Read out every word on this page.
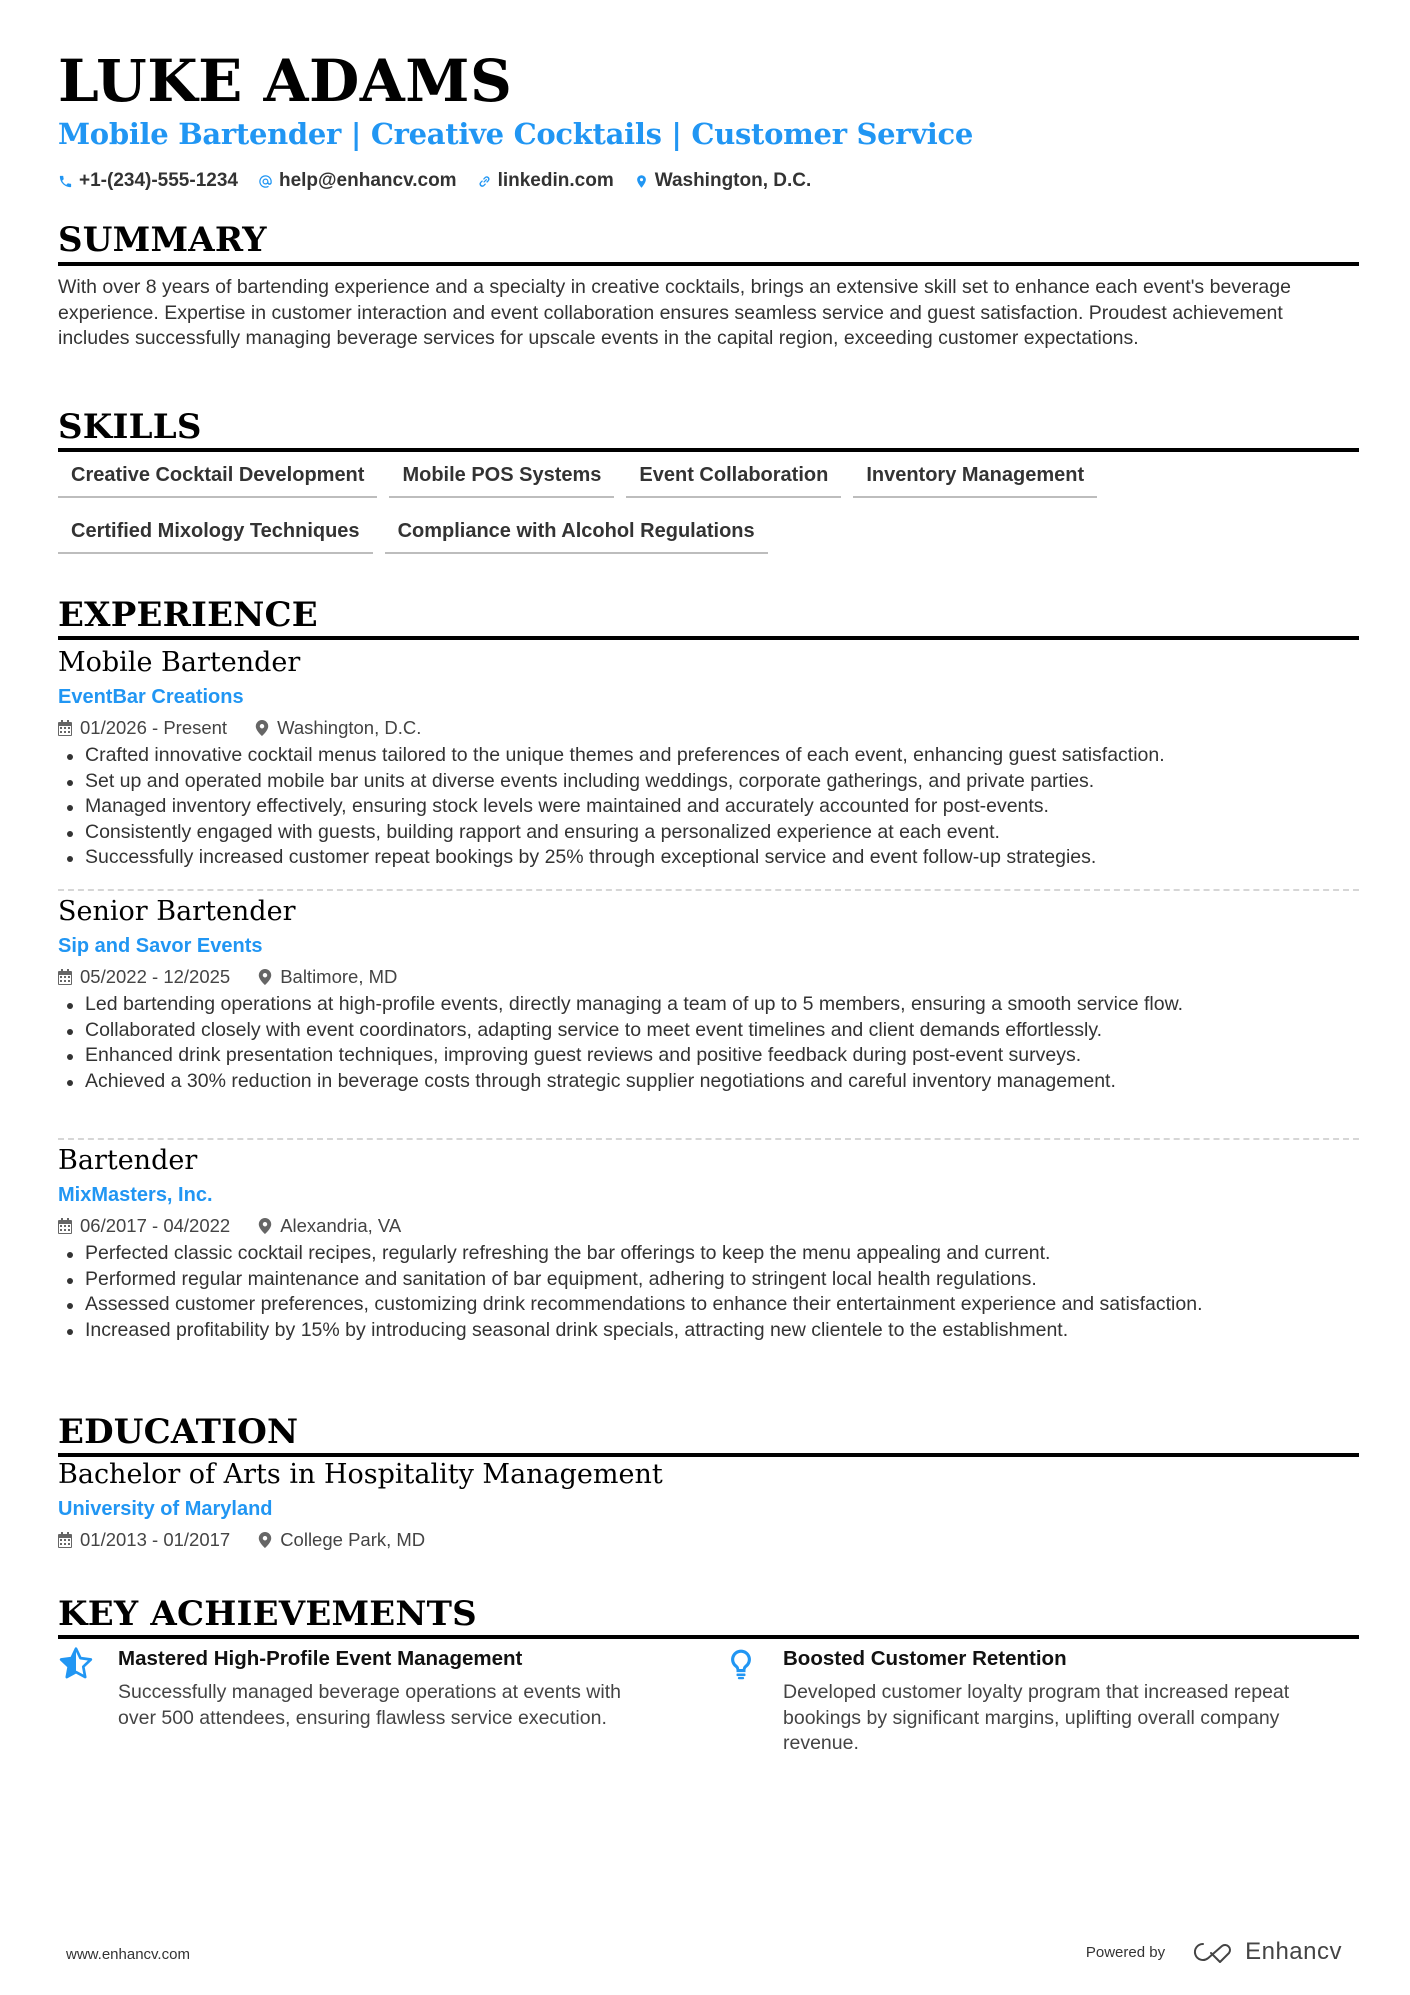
LUKE ADAMS
Mobile Bartender | Creative Cocktails | Customer Service
+1-(234)-555-1234 help@enhancv.com linkedin.com Washington, D.C.
SUMMARY
With over 8 years of bartending experience and a specialty in creative cocktails, brings an extensive skill set to enhance each event's beverage experience. Expertise in customer interaction and event collaboration ensures seamless service and guest satisfaction. Proudest achievement includes successfully managing beverage services for upscale events in the capital region, exceeding customer expectations.
SKILLS
Creative Cocktail Development	Mobile POS Systems	Event Collaboration	Inventory Management
Certified Mixology Techniques	Compliance with Alcohol Regulations
EXPERIENCE
Mobile Bartender
EventBar Creations
01/2026 - Present	Washington, D.C.
Crafted innovative cocktail menus tailored to the unique themes and preferences of each event, enhancing guest satisfaction.
Set up and operated mobile bar units at diverse events including weddings, corporate gatherings, and private parties.
Managed inventory effectively, ensuring stock levels were maintained and accurately accounted for post-events.
Consistently engaged with guests, building rapport and ensuring a personalized experience at each event.
Successfully increased customer repeat bookings by 25% through exceptional service and event follow-up strategies.
Senior Bartender
Sip and Savor Events
05/2022 - 12/2025	Baltimore, MD
Led bartending operations at high-profile events, directly managing a team of up to 5 members, ensuring a smooth service flow.
Collaborated closely with event coordinators, adapting service to meet event timelines and client demands effortlessly.
Enhanced drink presentation techniques, improving guest reviews and positive feedback during post-event surveys.
Achieved a 30% reduction in beverage costs through strategic supplier negotiations and careful inventory management.
Bartender
MixMasters, Inc.
06/2017 - 04/2022	Alexandria, VA
Perfected classic cocktail recipes, regularly refreshing the bar offerings to keep the menu appealing and current.
Performed regular maintenance and sanitation of bar equipment, adhering to stringent local health regulations.
Assessed customer preferences, customizing drink recommendations to enhance their entertainment experience and satisfaction.
Increased profitability by 15% by introducing seasonal drink specials, attracting new clientele to the establishment.
EDUCATION
Bachelor of Arts in Hospitality Management
University of Maryland
01/2013 - 01/2017	College Park, MD
KEY ACHIEVEMENTS
Mastered High-Profile Event Management
Successfully managed beverage operations at events with over 500 attendees, ensuring flawless service execution.
Boosted Customer Retention
Developed customer loyalty program that increased repeat bookings by significant margins, uplifting overall company revenue.
www.enhancv.com	Powered by	Enhancv
